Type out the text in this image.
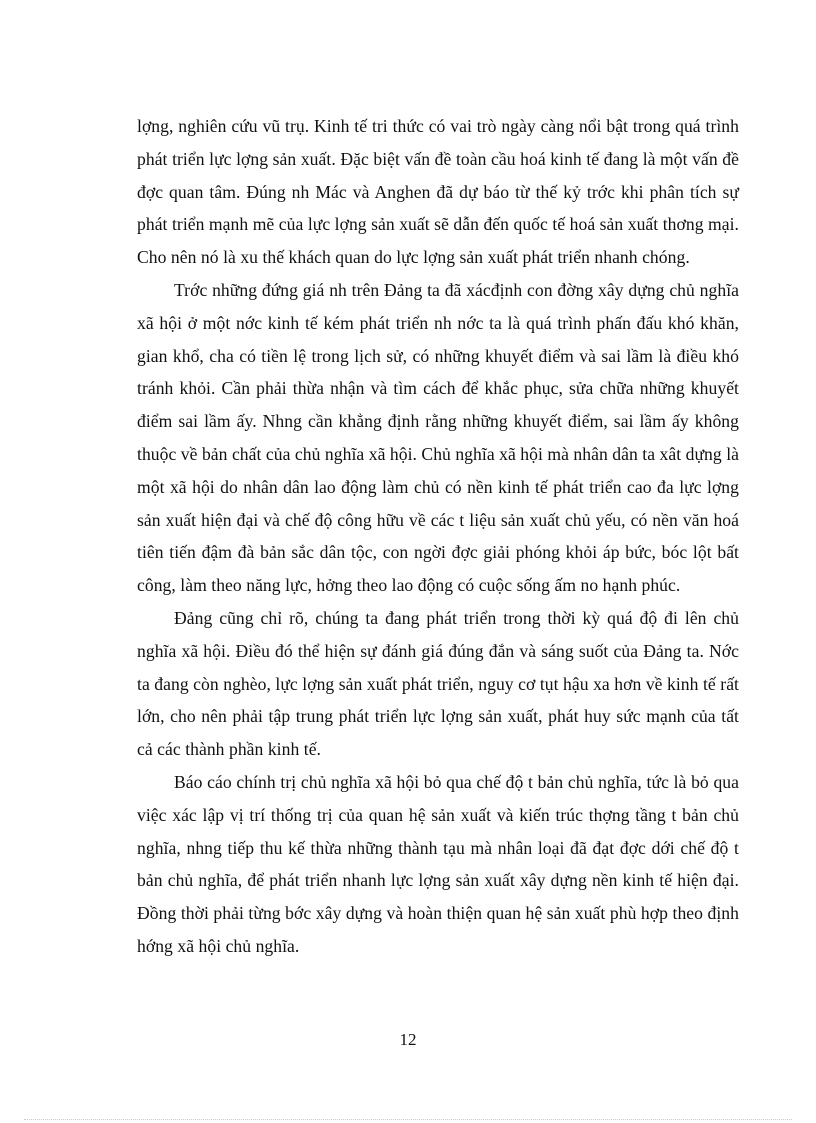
lợng, nghiên cứu vũ trụ. Kinh tế tri thức có vai trò ngày càng nổi bật trong quá trình phát triển lực lợng sản xuất. Đặc biệt vấn đề toàn cầu hoá kinh tế đang là một vấn đề đợc quan tâm. Đúng nh Mác và Anghen đã dự báo từ thế kỷ trớc khi phân tích sự phát triển mạnh mẽ của lực lợng sản xuất sẽ dẫn đến quốc tế hoá sản xuất thơng mại. Cho nên nó là xu thế khách quan do lực lợng sản xuất phát triển nhanh chóng.

Trớc những đứng giá nh trên Đảng ta đã xácđịnh con đờng xây dựng chủ nghĩa xã hội ở một nớc kinh tế kém phát triển nh nớc ta là quá trình phấn đấu khó khăn, gian khổ, cha có tiền lệ trong lịch sử, có những khuyết điểm và sai lầm là điều khó tránh khỏi. Cần phải thừa nhận và tìm cách để khắc phục, sửa chữa những khuyết điểm sai lầm ấy. Nhng cần khẳng định rằng những khuyết điểm, sai lầm ấy không thuộc về bản chất của chủ nghĩa xã hội. Chủ nghĩa xã hội mà nhân dân ta xât dựng là một xã hội do nhân dân lao động làm chủ có nền kinh tế phát triển cao đa lực lợng sản xuất hiện đại và chế độ công hữu về các t liệu sản xuất chủ yếu, có nền văn hoá tiên tiến đậm đà bản sắc dân tộc, con ngời đợc giải phóng khỏi áp bức, bóc lột bất công, làm theo năng lực, hởng theo lao động có cuộc sống ấm no hạnh phúc.

Đảng cũng chỉ rõ, chúng ta đang phát triển trong thời kỳ quá độ đi lên chủ nghĩa xã hội. Điều đó thể hiện sự đánh giá đúng đắn và sáng suốt của Đảng ta. Nớc ta đang còn nghèo, lực lợng sản xuất phát triển, nguy cơ tụt hậu xa hơn về kinh tế rất lớn, cho nên phải tập trung phát triển lực lợng sản xuất, phát huy sức mạnh của tất cả các thành phần kinh tế.

Báo cáo chính trị chủ nghĩa xã hội bỏ qua chế độ t bản chủ nghĩa, tức là bỏ qua việc xác lập vị trí thống trị của quan hệ sản xuất và kiến trúc thợng tầng t bản chủ nghĩa, nhng tiếp thu kế thừa những thành tạu mà nhân loại đã đạt đợc dới chế độ t bản chủ nghĩa, để phát triển nhanh lực lợng sản xuất xây dựng nền kinh tế hiện đại. Đồng thời phải từng bớc xây dựng và hoàn thiện quan hệ sản xuất phù hợp theo định hớng xã hội chủ nghĩa.

12
